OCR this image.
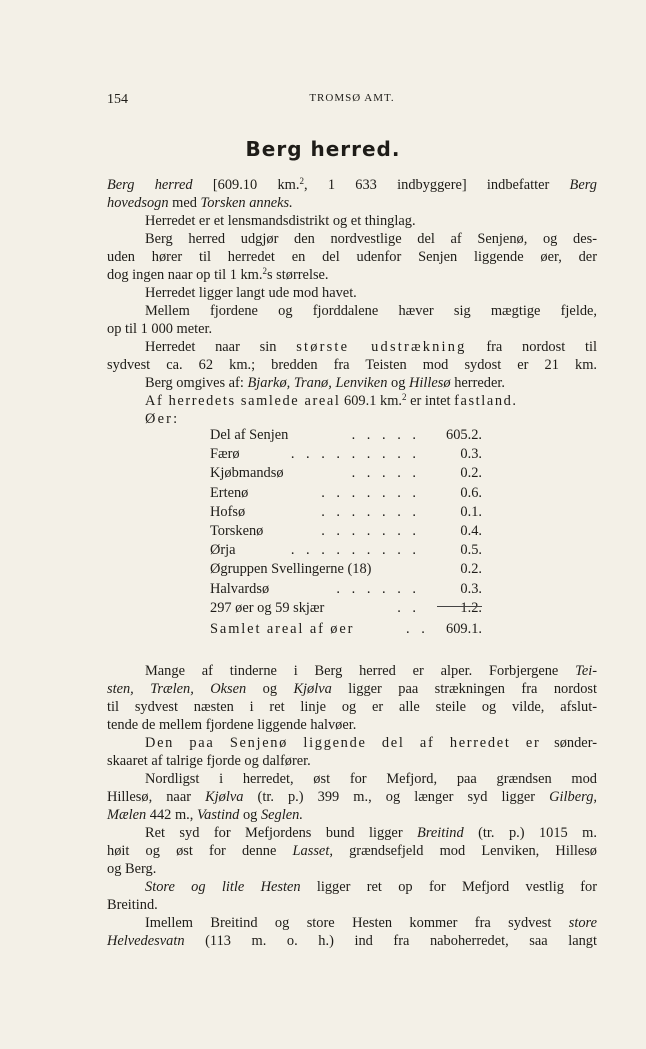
154	TROMSØ AMT.
Berg herred.
Berg herred [609.10 km.$^2$, 1 633 indbyggere] indbefatter Berg
hovedsogn med Torsken anneks.
Herredet er et lensmandsdistrikt og et thinglag.
Berg herred udgjør den nordvestlige del af Senjenø, og des-
uden hører til herredet en del udenfor Senjen liggende øer, der
dog ingen naar op til 1 km.$^2$s størrelse.
Herredet ligger langt ude mod havet.
Mellem fjordene og fjorddalene hæver sig mægtige fjelde,
op til 1 000 meter.
Herredet naar sin største udstrækning fra nordost til
sydvest ca. 62 km.; bredden fra Teisten mod sydost er 21 km.
Berg omgives af: Bjarkø, Tranø, Lenviken og Hillesø herreder.
Af herredets samlede areal 609.1 km.$^2$ er intet fastland.
Øer:
Del af Senjen	. . . . . 605.2.
Færø	. . . . . . . . .	0.3.
Kjøbmandsø	. . . . .	0.2.
Ertenø	. . . . . . .	0.6.
Hofsø	. . . . . . .	0.1.
Torskenø	. . . . . . .	0.4.
Ørja	. . . . . . . . .	0.5.
Øgruppen Svellingerne (18)	0.2.
Halvardsø	. . . . . .	0.3.
297 øer og 59 skjær	. .	1.2.
Samlet areal af øer	. . 609.1.
Mange af tinderne i Berg herred er alper. Forbjergene Tei-
sten, Trælen, Oksen og Kjølva ligger paa strækningen fra nordost
til sydvest næsten i ret linje og er alle steile og vilde, afslut-
tende de mellem fjordene liggende halvøer.
Den paa Senjenø liggende del af herredet er sønder-
skaaret af talrige fjorde og dalfører.
Nordligst i herredet, øst for Mefjord, paa grændsen mod
Hillesø, naar Kjølva (tr. p.) 399 m., og længer syd ligger Gilberg,
Mælen 442 m., Vastind og Seglen.
Ret syd for Mefjordens bund ligger Breitind (tr. p.) 1015 m.
høit og øst for denne Lasset, grændsefjeld mod Lenviken, Hillesø
og Berg.
Store og litle Hesten ligger ret op for Mefjord vestlig for
Breitind.
Imellem Breitind og store Hesten kommer fra sydvest store
Helvedesvatn (113 m. o. h.) ind fra naboherredet, saa langt
